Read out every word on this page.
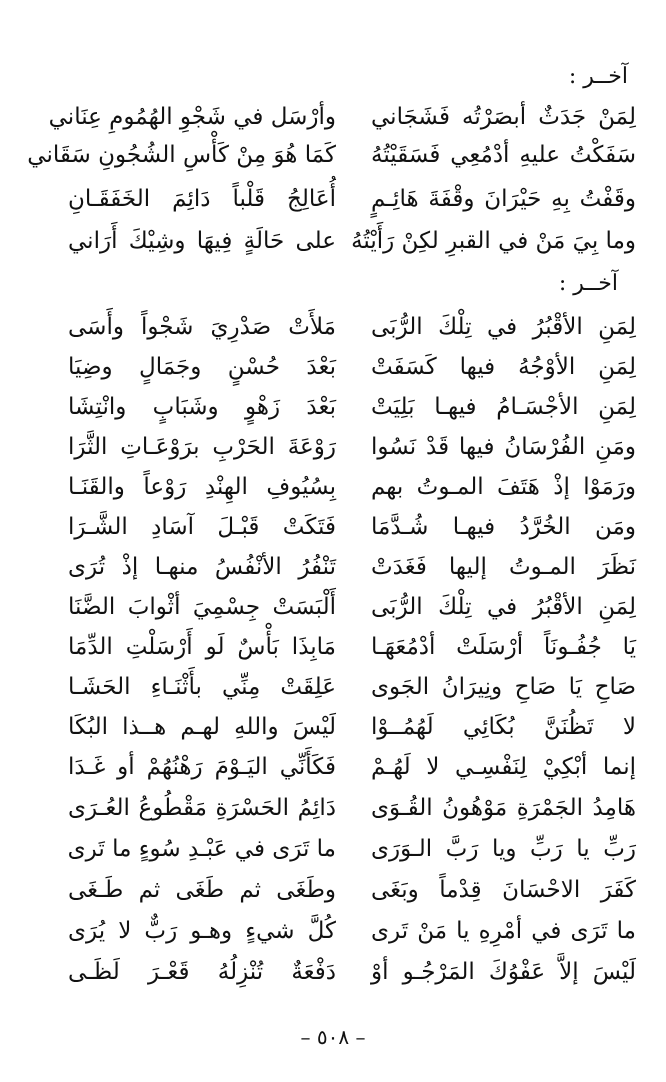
آخــر :
لِمَنْ جَدَثٌ أبصَرْتُه فَشَجَاني
وأرْسَل في شَجْوِ الهُمُومِ عِنَاني
سَفَكْتُ عليهِ أدْمُعِي فَسَقَيْتُهُ
كَمَا هُوَ مِنْ كَأْسِ الشُجُونِ سَقَاني
وقَفْتُ بِهِ حَيْرَانَ وقْفَةَ هَائِـمٍ
أُعَالِجُ قَلْباً دَائِمَ الخَفَقَـانِ
وما بِيَ مَنْ في القبرِ لكِنْ رَأَيْتُهُ
على حَالَةٍ فِيهَا وشِيْكَ أَرَاني
آخــر :
لِمَنِ الأقْبُرُ في تِلْكَ الرُّبَى
مَلأَتْ صَدْرِيَ شَجْواً وأَسَى
لِمَنِ الأوْجُهُ فيها كَسَفَتْ
بَعْدَ حُسْنٍ وجَمَالٍ وضِيَا
لِمَنِ الأجْسَـامُ فيهـا بَلِيَتْ
بَعْدَ زَهْوٍ وشَبَابٍ وانْتِشَا
ومَنِ الفُرْسَانُ فيها قَدْ نَسُوا
رَوْعَةَ الحَرْبِ برَوْعَـاتِ الثَّرَا
ورَمَوْا إذْ هَتَفَ المـوتُ بهم
بِسُيُوفِ الهِنْدِ رَوْعاً والقَنَـا
ومَن الخُرَّدُ فيهـا شُـدَّمَا
فَتَكَتْ قَبْـلَ آسَادِ الشَّـرَا
نَظَرَ المـوتُ إليها فَغَدَتْ
تَنْفُرُ الأنْفُسُ منهـا إذْ تُرَى
لِمَنِ الأقْبُرُ في تِلْكَ الرُّبَى
أَلْبَسَتْ جِسْمِيَ أثْوابَ الضَّنَا
يَا جُفُـونَاً أرْسَلَتْ أدْمُعَهَـا
مَابِذَا بَأْسٌ لَو أَرْسَلْتِ الدِّمَا
صَاحِ يَا صَاحِ ونِيرَانُ الجَوى
عَلِقَتْ مِنِّي بأَثْنَـاءِ الحَشَـا
لا تَظُنَنَّ بُكَائِي لَهُمُــوْا
لَيْسَ واللهِ لهـم هــذا البُكَا
إنما أبْكِيْ لِنَفْسِـي لا لَهُـمْ
فَكَأَنِّي اليَـوْمَ رَهْنُهُمْ أو غَـدَا
هَامِدُ الجَمْرَةِ مَوْهُونُ القُـوَى
دَائِمُ الحَسْرَةِ مَقْطُوعُ العُـرَى
رَبِّ يا رَبِّ ويا رَبَّ الـوَرَى
ما تَرَى في عَبْـدِ سُوءٍ ما تَرى
كَفَرَ الاحْسَانَ قِدْماً وبَغَى
وطَغَى ثم طَغَى ثم طَـغَى
ما تَرَى في أمْرِهِ يا مَنْ تَرى
كُلَّ شيءٍ وهـو رَبٌّ لا يُرَى
لَيْسَ إلاَّ عَفْوُكَ المَرْجُـو أوْ
دَفْعَةٌ تُنْزِلُهُ قَعْـرَ لَظَـى
– ٥٠٨ –
